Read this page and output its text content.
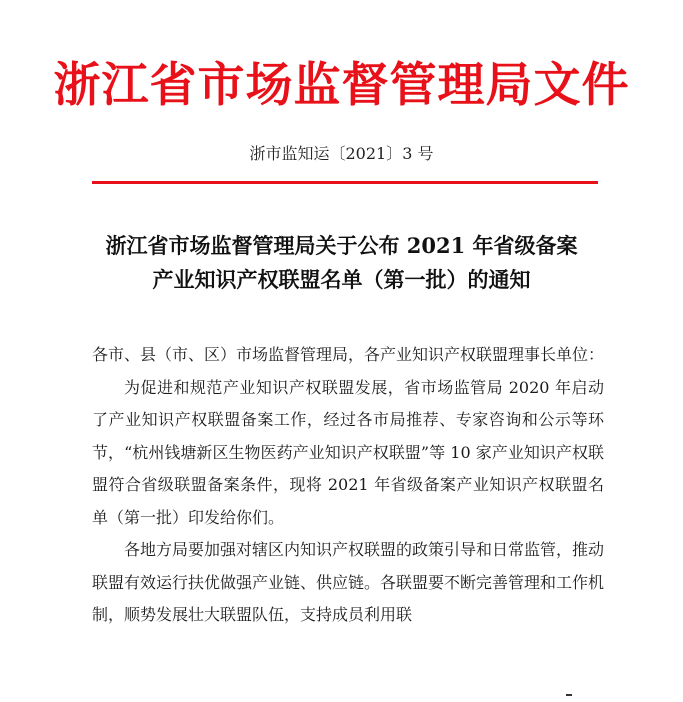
浙江省市场监督管理局文件
浙市监知运〔2021〕3 号
浙江省市场监督管理局关于公布 2021 年省级备案
产业知识产权联盟名单（第一批）的通知

各市、县（市、区）市场监督管理局，各产业知识产权联盟理事长单位：

为促进和规范产业知识产权联盟发展，省市场监管局 2020 年启动了产业知识产权联盟备案工作，经过各市局推荐、专家咨询和公示等环节，“杭州钱塘新区生物医药产业知识产权联盟”等 10 家产业知识产权联盟符合省级联盟备案条件，现将 2021 年省级备案产业知识产权联盟名单（第一批）印发给你们。

各地方局要加强对辖区内知识产权联盟的政策引导和日常监管，推动联盟有效运行扶优做强产业链、供应链。各联盟要不断完善管理和工作机制，顺势发展壮大联盟队伍，支持成员利用联
